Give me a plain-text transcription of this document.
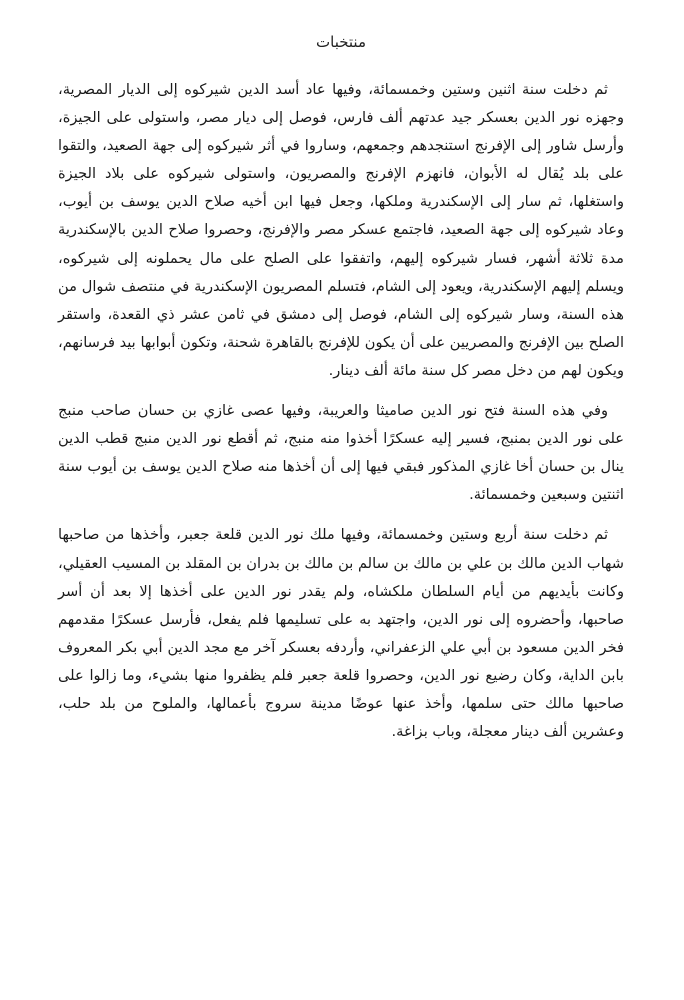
منتخبات

ثم دخلت سنة اثنين وستين وخمسمائة، وفيها عاد أسد الدين شيركوه إلى الديار المصرية، وجهزه نور الدين بعسكر جيد عدتهم ألف فارس، فوصل إلى ديار مصر، واستولى على الجيزة، وأرسل شاور إلى الإفرنج استنجدهم وجمعهم، وساروا في أثر شيركوه إلى جهة الصعيد، والتقوا على بلد يُقال له الأبوان، فانهزم الإفرنج والمصريون، واستولى شيركوه على بلاد الجيزة واستغلها، ثم سار إلى الإسكندرية وملكها، وجعل فيها ابن أخيه صلاح الدين يوسف بن أيوب، وعاد شيركوه إلى جهة الصعيد، فاجتمع عسكر مصر والإفرنج، وحصروا صلاح الدين بالإسكندرية مدة ثلاثة أشهر، فسار شيركوه إليهم، واتفقوا على الصلح على مال يحملونه إلى شيركوه، ويسلم إليهم الإسكندرية، ويعود إلى الشام، فتسلم المصريون الإسكندرية في منتصف شوال من هذه السنة، وسار شيركوه إلى الشام، فوصل إلى دمشق في ثامن عشر ذي القعدة، واستقر الصلح بين الإفرنج والمصريين على أن يكون للإفرنج بالقاهرة شحنة، وتكون أبوابها بيد فرسانهم، ويكون لهم من دخل مصر كل سنة مائة ألف دينار.

وفي هذه السنة فتح نور الدين صاميثا والعريبة، وفيها عصى غازي بن حسان صاحب منبج على نور الدين بمنبج، فسير إليه عسكرًا أخذوا منه منبج، ثم أقطع نور الدين منبج قطب الدين ينال بن حسان أخا غازي المذكور فبقي فيها إلى أن أخذها منه صلاح الدين يوسف بن أيوب سنة اثنتين وسبعين وخمسمائة.

ثم دخلت سنة أربع وستين وخمسمائة، وفيها ملك نور الدين قلعة جعبر، وأخذها من صاحبها شهاب الدين مالك بن علي بن مالك بن سالم بن مالك بن بدران بن المقلد بن المسيب العقيلي، وكانت بأيديهم من أيام السلطان ملكشاه، ولم يقدر نور الدين على أخذها إلا بعد أن أسر صاحبها، وأحضروه إلى نور الدين، واجتهد به على تسليمها فلم يفعل، فأرسل عسكرًا مقدمهم فخر الدين مسعود بن أبي علي الزعفراني، وأردفه بعسكر آخر مع مجد الدين أبي بكر المعروف بابن الداية، وكان رضيع نور الدين، وحصروا قلعة جعبر فلم يظفروا منها بشيء، وما زالوا على صاحبها مالك حتى سلمها، وأخذ عنها عوضًا مدينة سروج بأعمالها، والملوح من بلد حلب، وعشرين ألف دينار معجلة، وباب بزاغة.
